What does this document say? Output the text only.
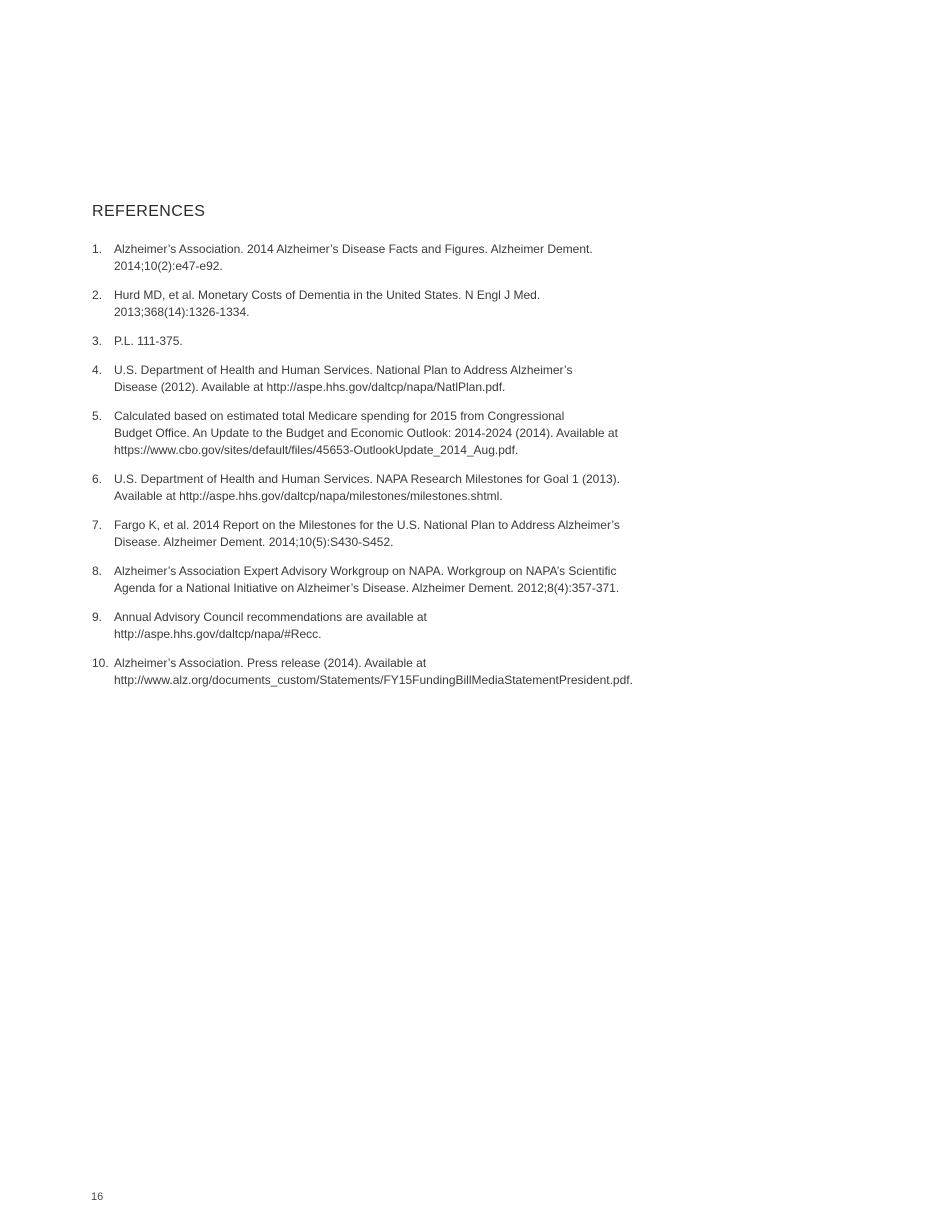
REFERENCES
1. Alzheimer’s Association. 2014 Alzheimer’s Disease Facts and Figures. Alzheimer Dement.
2014;10(2):e47-e92.
2. Hurd MD, et al. Monetary Costs of Dementia in the United States. N Engl J Med.
2013;368(14):1326-1334.
3. P.L. 111-375.
4. U.S. Department of Health and Human Services. National Plan to Address Alzheimer’s
Disease (2012). Available at http://aspe.hhs.gov/daltcp/napa/NatlPlan.pdf.
5. Calculated based on estimated total Medicare spending for 2015 from Congressional
Budget Office. An Update to the Budget and Economic Outlook: 2014-2024 (2014). Available at
https://www.cbo.gov/sites/default/files/45653-OutlookUpdate_2014_Aug.pdf.
6. U.S. Department of Health and Human Services. NAPA Research Milestones for Goal 1 (2013).
Available at http://aspe.hhs.gov/daltcp/napa/milestones/milestones.shtml.
7. Fargo K, et al. 2014 Report on the Milestones for the U.S. National Plan to Address Alzheimer’s
Disease. Alzheimer Dement. 2014;10(5):S430-S452.
8. Alzheimer’s Association Expert Advisory Workgroup on NAPA. Workgroup on NAPA’s Scientific
Agenda for a National Initiative on Alzheimer’s Disease. Alzheimer Dement. 2012;8(4):357-371.
9. Annual Advisory Council recommendations are available at
http://aspe.hhs.gov/daltcp/napa/#Recc.
10. Alzheimer’s Association. Press release (2014). Available at
http://www.alz.org/documents_custom/Statements/FY15FundingBillMediaStatementPresident.pdf.
16
